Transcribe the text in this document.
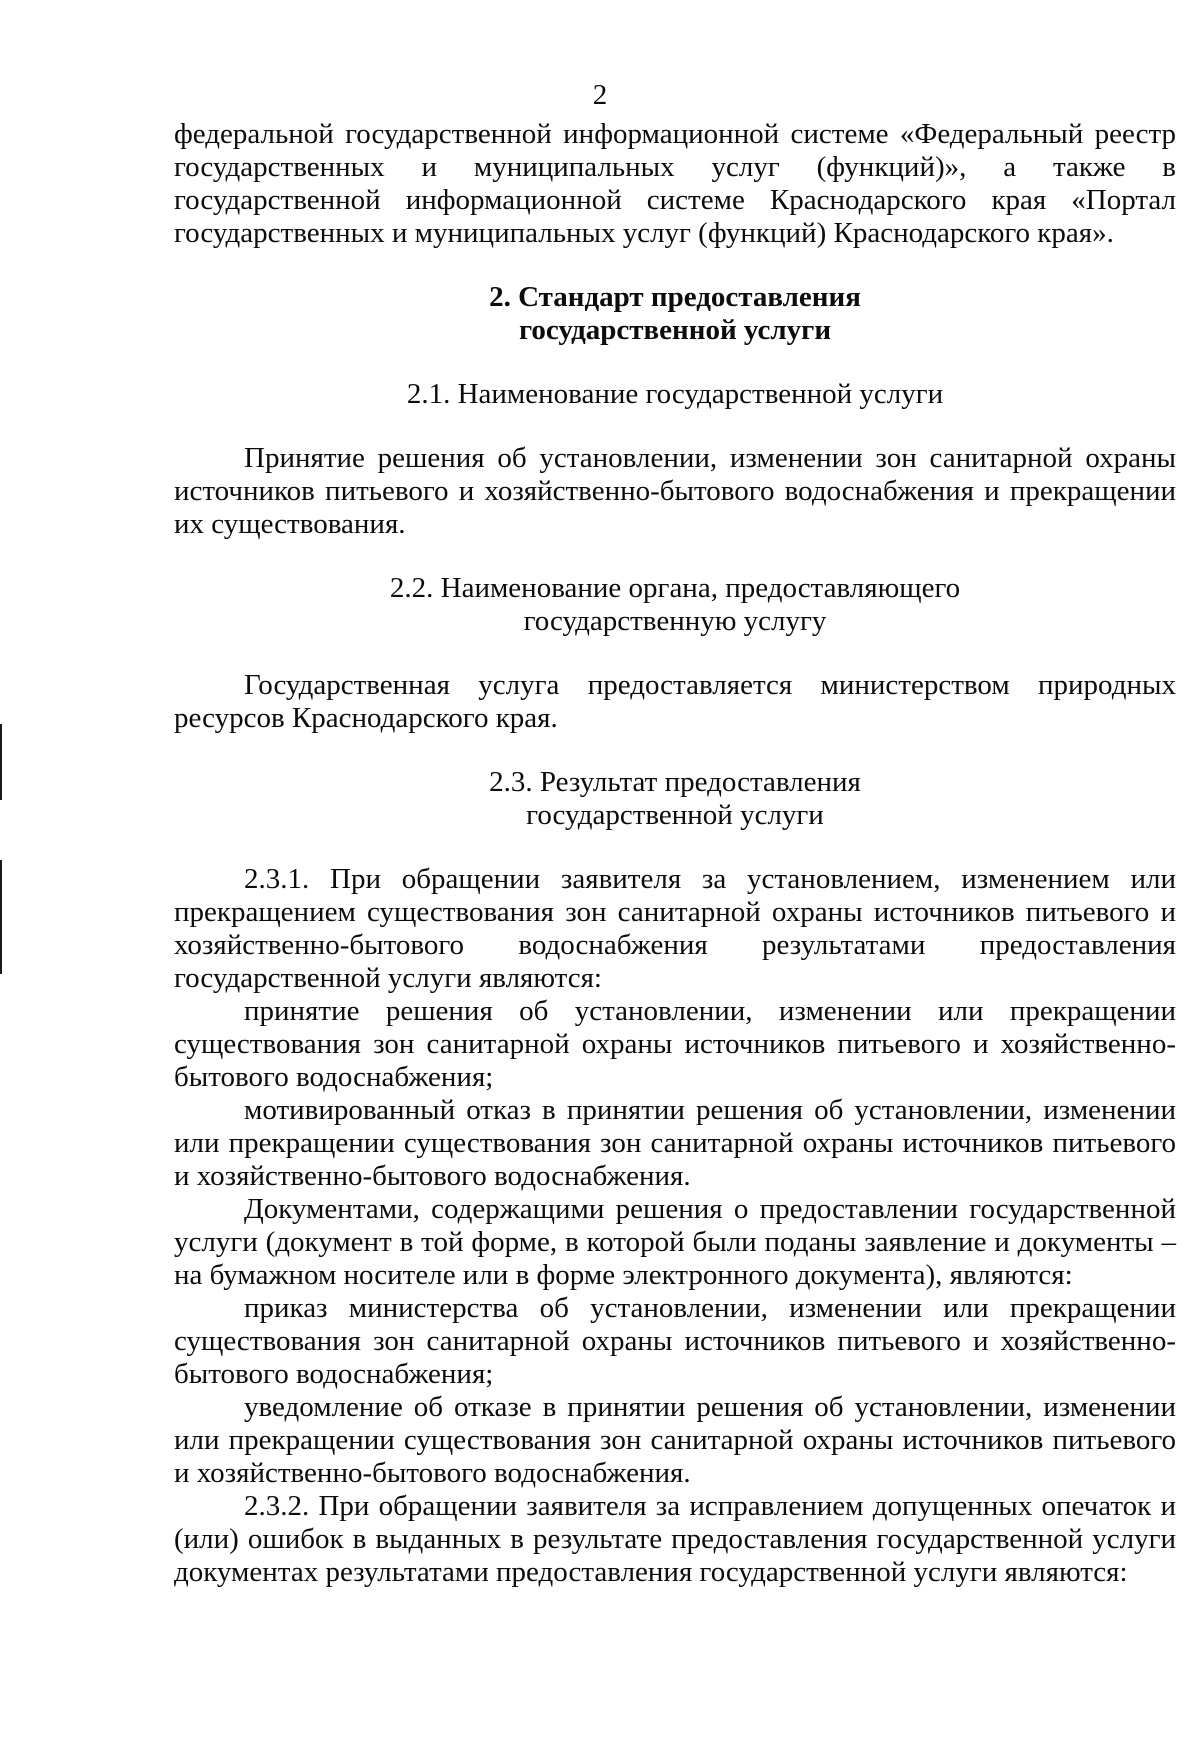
2

федеральной государственной информационной системе «Федеральный реестр государственных и муниципальных услуг (функций)», а также в государственной информационной системе Краснодарского края «Портал государственных и муниципальных услуг (функций) Краснодарского края».

2. Стандарт предоставления
государственной услуги

2.1. Наименование государственной услуги

Принятие решения об установлении, изменении зон санитарной охраны источников питьевого и хозяйственно-бытового водоснабжения и прекращении их существования.

2.2. Наименование органа, предоставляющего
государственную услугу

Государственная услуга предоставляется министерством природных ресурсов Краснодарского края.

2.3. Результат предоставления
государственной услуги

2.3.1. При обращении заявителя за установлением, изменением или прекращением существования зон санитарной охраны источников питьевого и хозяйственно-бытового водоснабжения результатами предоставления государственной услуги являются:

принятие решения об установлении, изменении или прекращении существования зон санитарной охраны источников питьевого и хозяйственно-бытового водоснабжения;

мотивированный отказ в принятии решения об установлении, изменении или прекращении существования зон санитарной охраны источников питьевого и хозяйственно-бытового водоснабжения.

Документами, содержащими решения о предоставлении государственной услуги (документ в той форме, в которой были поданы заявление и документы – на бумажном носителе или в форме электронного документа), являются:

приказ министерства об установлении, изменении или прекращении существования зон санитарной охраны источников питьевого и хозяйственно-бытового водоснабжения;

уведомление об отказе в принятии решения об установлении, изменении или прекращении существования зон санитарной охраны источников питьевого и хозяйственно-бытового водоснабжения.

2.3.2. При обращении заявителя за исправлением допущенных опечаток и (или) ошибок в выданных в результате предоставления государственной услуги документах результатами предоставления государственной услуги являются:
